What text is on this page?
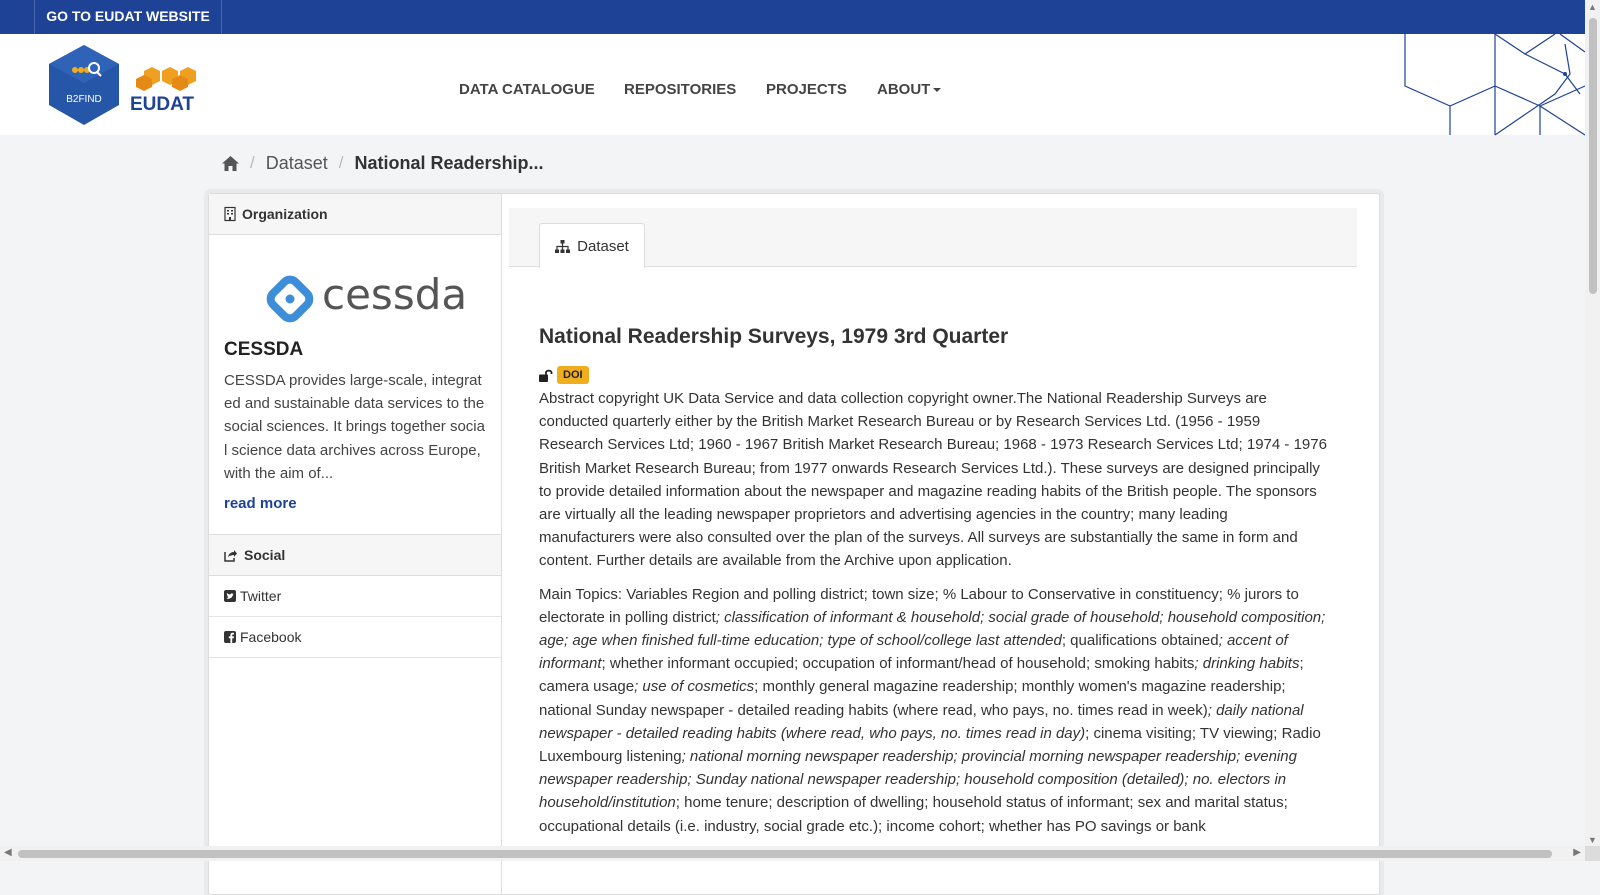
GO TO EUDAT WEBSITE
B2FIND EUDAT
DATA CATALOGUE REPOSITORIES PROJECTS ABOUT
/ Dataset / National Readership...
Organization
cessda
CESSDA
CESSDA provides large-scale, integrated and sustainable data services to the social sciences. It brings together social science data archives across Europe, with the aim of...
read more
Social
Twitter
Facebook
Dataset
National Readership Surveys, 1979 3rd Quarter
DOI

Abstract copyright UK Data Service and data collection copyright owner.The National Readership Surveys are conducted quarterly either by the British Market Research Bureau or by Research Services Ltd. (1956 - 1959 Research Services Ltd; 1960 - 1967 British Market Research Bureau; 1968 - 1973 Research Services Ltd; 1974 - 1976 British Market Research Bureau; from 1977 onwards Research Services Ltd.). These surveys are designed principally to provide detailed information about the newspaper and magazine reading habits of the British people. The sponsors are virtually all the leading newspaper proprietors and advertising agencies in the country; many leading manufacturers were also consulted over the plan of the surveys. All surveys are substantially the same in form and content. Further details are available from the Archive upon application.

Main Topics: Variables Region and polling district; town size; % Labour to Conservative in constituency; % jurors to electorate in polling district; classification of informant & household; social grade of household; household composition; age; age when finished full-time education; type of school/college last attended; qualifications obtained; accent of informant; whether informant occupied; occupation of informant/head of household; smoking habits; drinking habits; camera usage; use of cosmetics; monthly general magazine readership; monthly women's magazine readership; national Sunday newspaper - detailed reading habits (where read, who pays, no. times read in week); daily national newspaper - detailed reading habits (where read, who pays, no. times read in day); cinema visiting; TV viewing; Radio Luxembourg listening; national morning newspaper readership; provincial morning newspaper readership; evening newspaper readership; Sunday national newspaper readership; household composition (detailed); no. electors in household/institution; home tenure; description of dwelling; household status of informant; sex and marital status; occupational details (i.e. industry, social grade etc.); income cohort; whether has PO savings or bank

▲
▼
◀	▶
